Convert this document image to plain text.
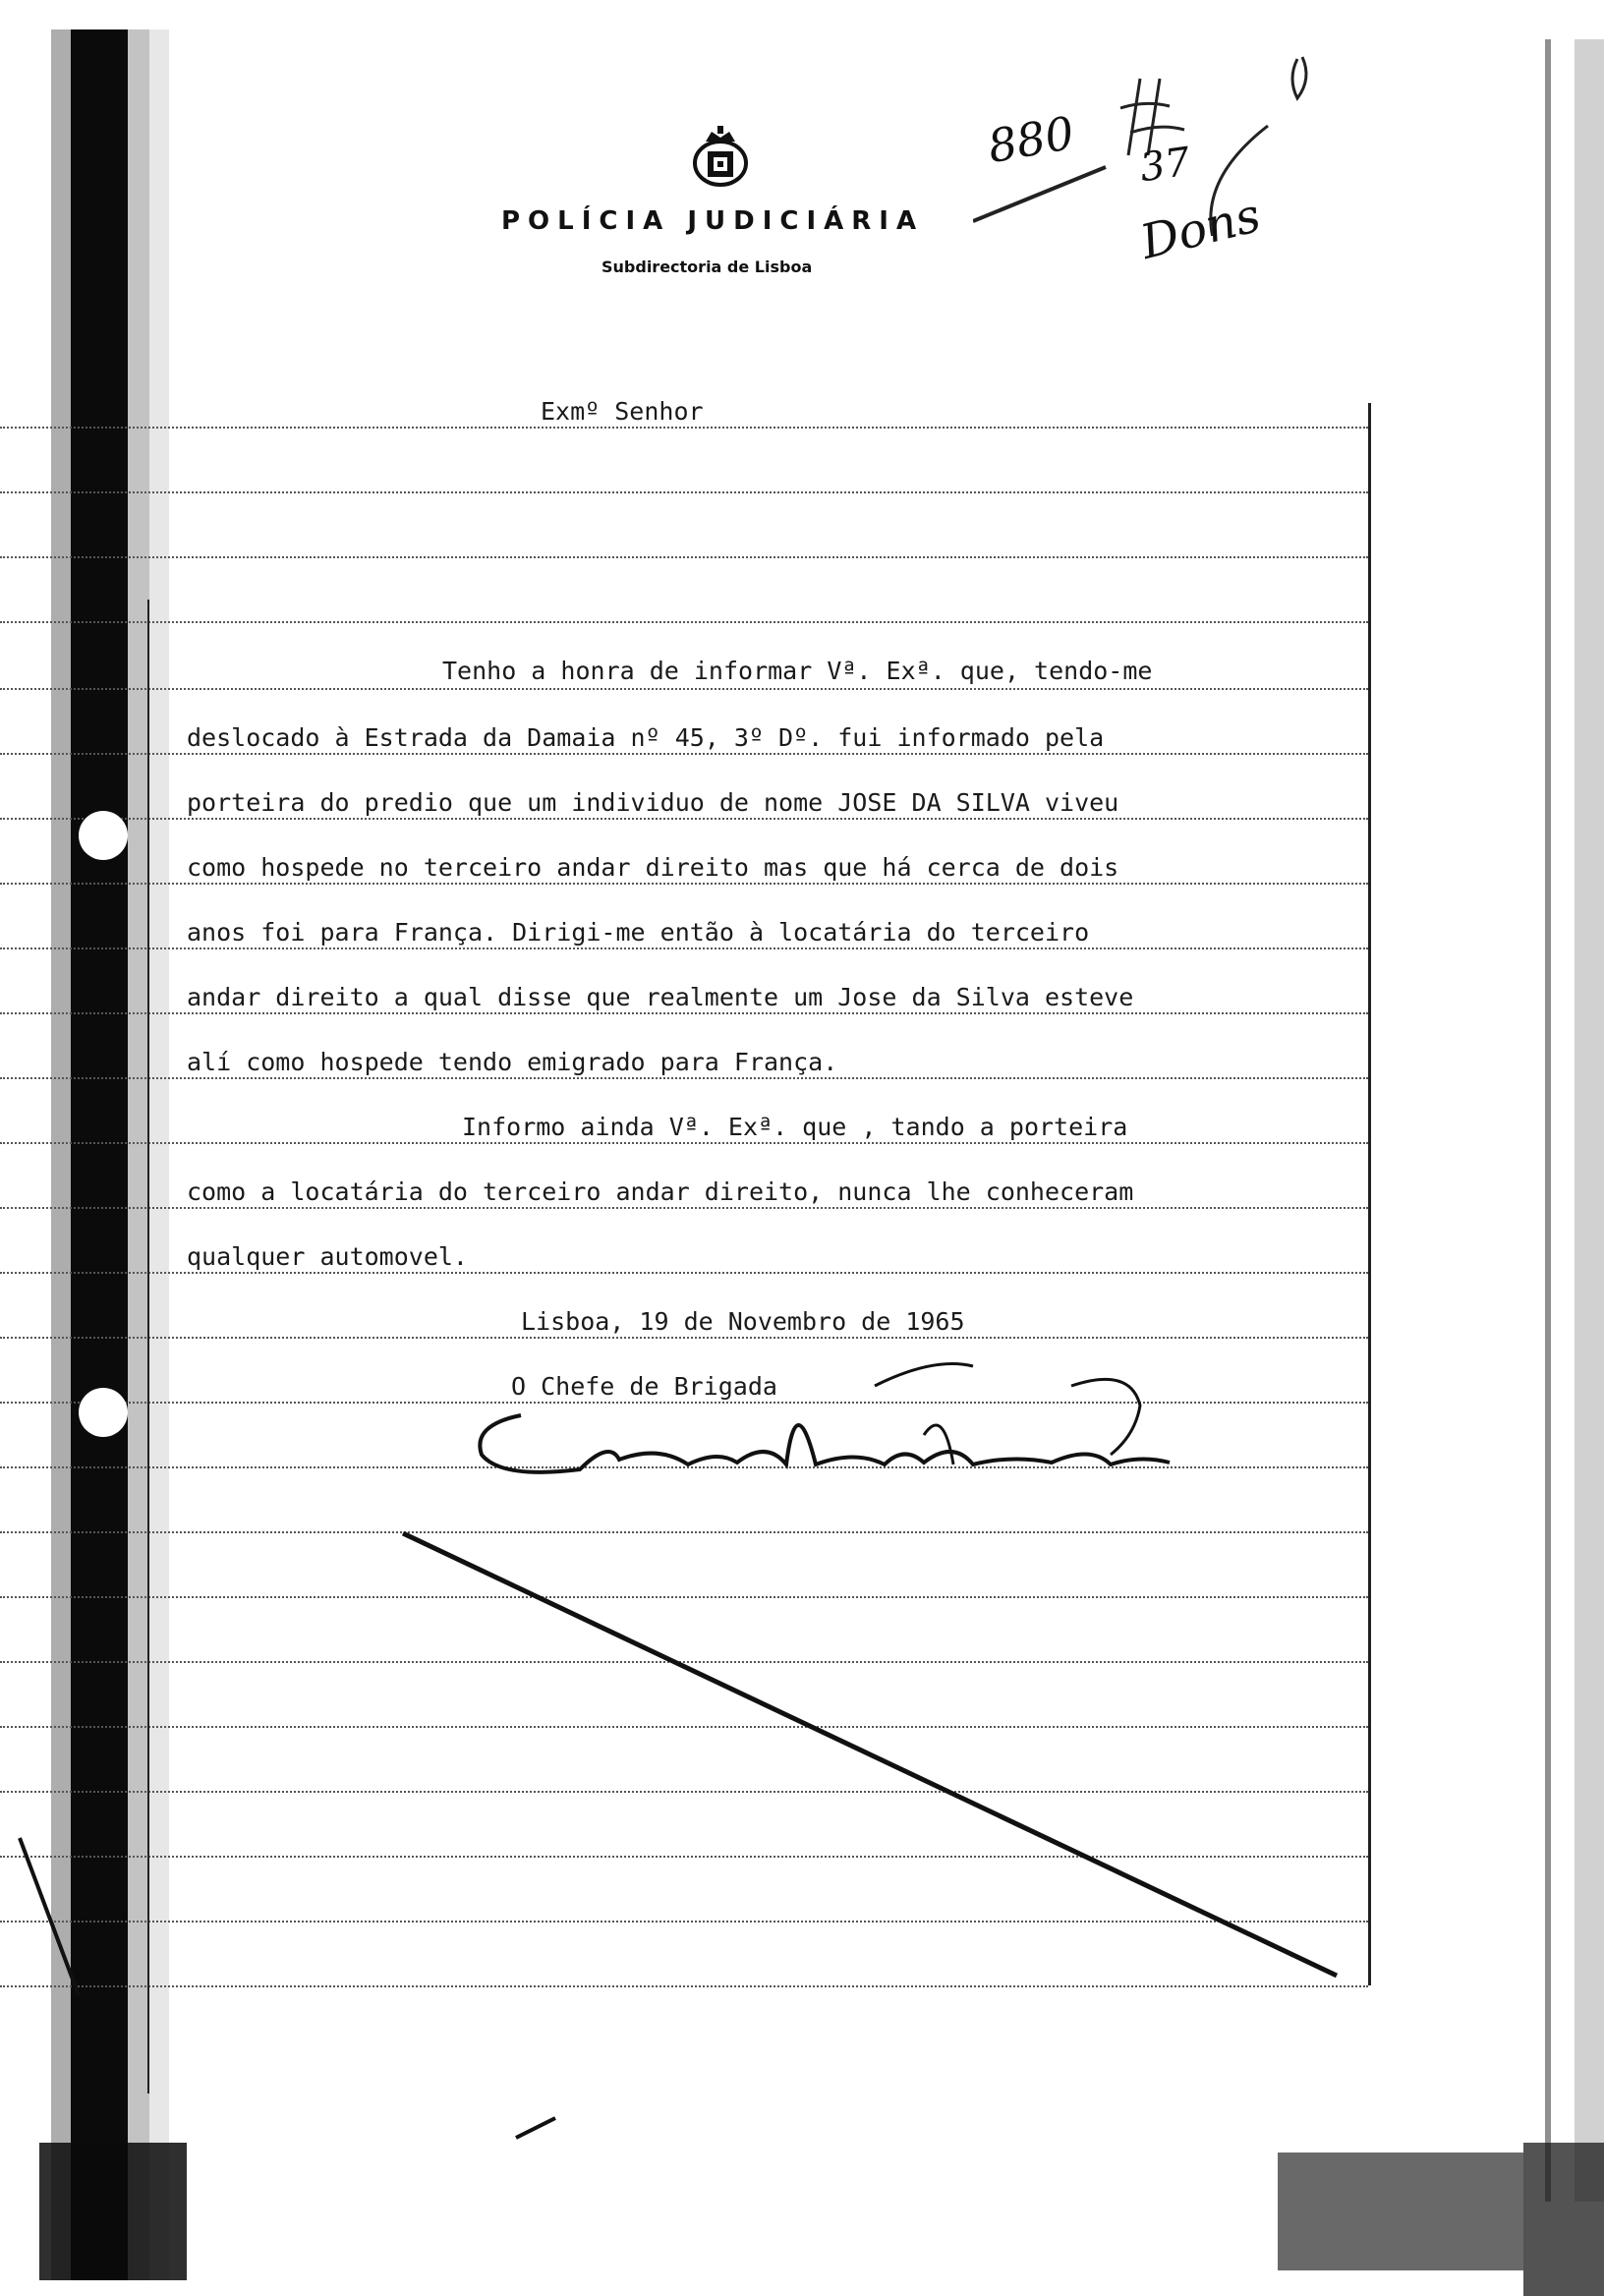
POLÍCIA JUDICIÁRIA
Subdirectoria de Lisboa
880 37
Dons
Exmº Senhor
Tenho a honra de informar Vª. Exª. que, tendo-me
deslocado à Estrada da Damaia nº 45, 3º Dº. fui informado pela
porteira do predio que um individuo de nome JOSE DA SILVA viveu
como hospede no terceiro andar direito mas que há cerca de dois
anos foi para França. Dirigi-me então à locatária do terceiro
andar direito a qual disse que realmente um Jose da Silva esteve
alí como hospede tendo emigrado para França.
Informo ainda Vª. Exª. que , tando a porteira
como a locatária do terceiro andar direito, nunca lhe conheceram
qualquer automovel.
Lisboa, 19 de Novembro de 1965
O Chefe de Brigada
